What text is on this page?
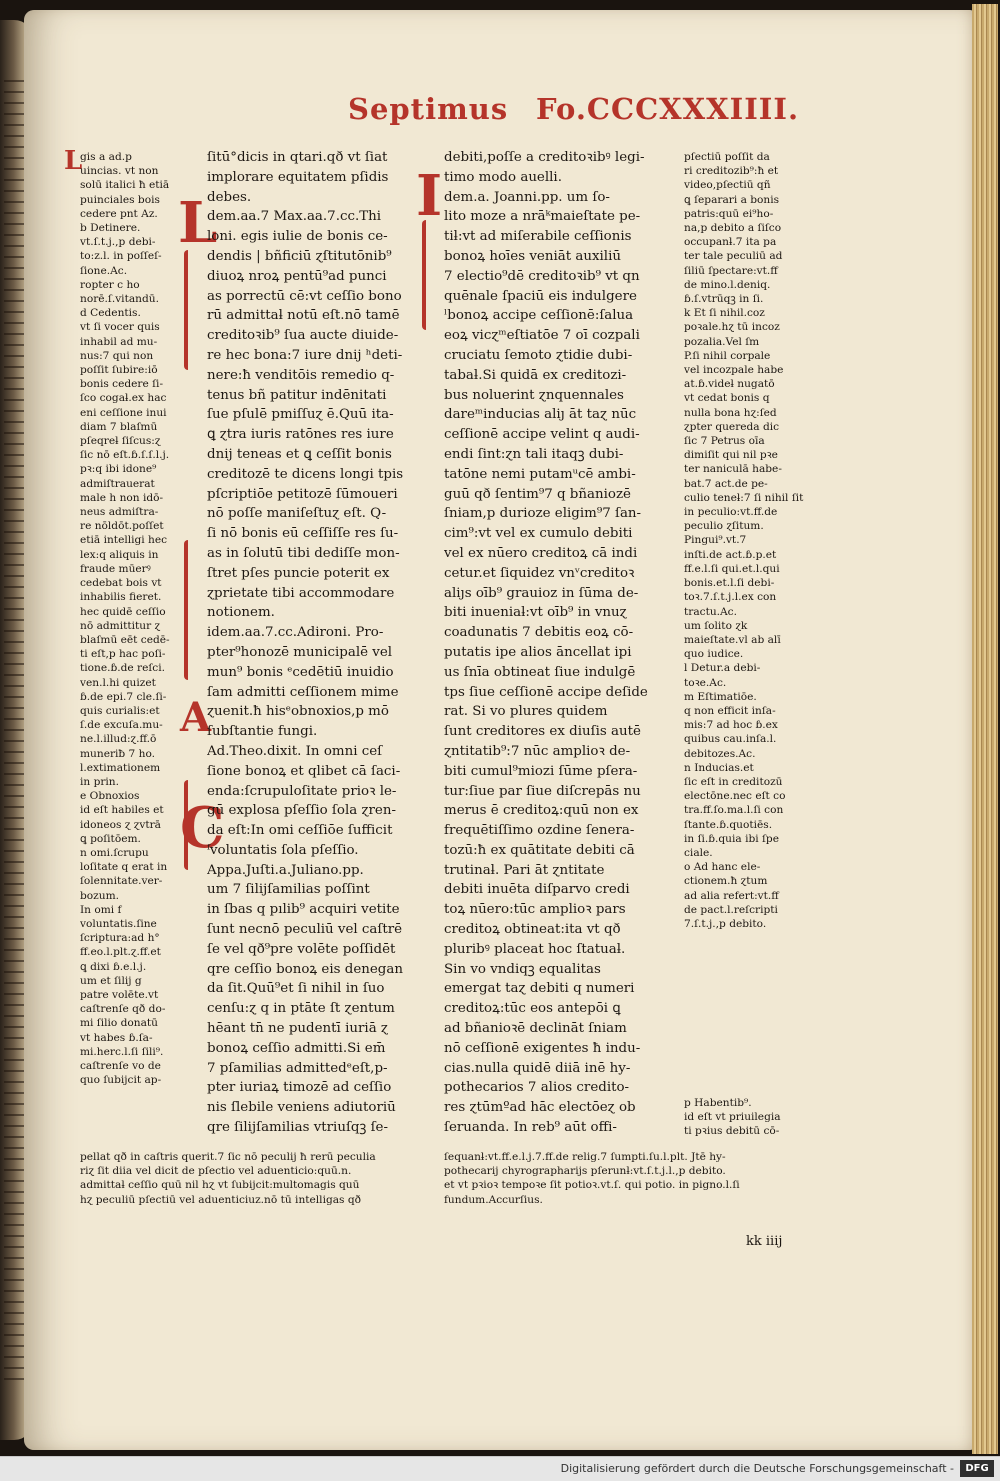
Septimus Fo.CCCXXXIIII.
L
L	I
A
C
gis a ad.p
uincias. vt non
solū italici ħ etiā
puinciales bois
cedere pnt Az.
b Detinere.
vt.ſ.t.j.,p debi-
to:z.l. in poſſeſ-
ſione.Ac.
ropter c ho
norē.ſ.vitandū.
d Cedentis.
vt ſi vocer quis
inhabil ad mu-
nus:7 qui non
poſſit ſubire:iō
bonis cedere ſi-
ſco cogaƚ.ex hac
eni ceſſione inui
diam 7 blaſmū
pſeqreƚ ſiſcus:ɀ
ſic nō eſt.ɓ.ſ.ſ.l.j.
pꝛ:q ibi idone⁹
admiſtrauerat
male h non idō-
neus admiſtra-
re nōldōt.poſſet
etiā intelligi hec
lex:q aliquis in
fraude mūerꝰ
cedebat bois vt
inhabilis fieret.
hec quidē ceſſio
nō admittitur ɀ
blaſmū eēt cedē-
ti eſt,p hac poſi-
tione.ɓ.de reſci.
ven.l.hi quizet
ɓ.de epi.7 cle.ſi-
quis curialis:et
ſ.de excuſa.mu-
ne.l.illud:ɀ.ff.ō
muneriƀ 7 ho.
l.extimationem
in prin.
e Obnoxios
id eſt habiles et
idoneos ɀ ɀvtrā
ꝗ poſitōem.
n omi.ſcrupu
loſitate q erat in
ſolennitate.ver-
bozum.
In omi f
voluntatis.ſine
ſcriptura:ad h°
ff.eo.l.plt.ɀ.ff.et
ꝗ dixi ɓ.e.l.j.
um et ſilij g
patre volēte.vt
caſtrenſe qð do-
mi ſilio donatū
vt habes ɓ.ſa-
mi.herc.l.ſi ſili⁹.
caſtrenſe vo de
quo ſubijcit ap-
ſitū°dicis in qtari.qð vt ſiat
implorare equitatem pſidis
debes.
dem.aa.7 Max.aa.7.cc.Thi
loni. egis iulie de bonis ce-
dendis | bñficiū ɀſtitutōnib⁹
diuoꝝ nroꝝ pentū⁹ad punci
as porrectū cē:vt ceſſio bono
rū admittaƚ notū eſt.nō tamē
creditoꝛib⁹ ſua aucte diuide-
re hec bona:7 iure dnij ʰdeti-
nere:ħ venditōis remedio q-
tenus bñ patitur indēnitati
ſue pſulē pmiſſuɀ ē.Quū ita-
ꝗ ɀtra iuris ratōnes res iure
dnij teneas et ꝗ ceſſit bonis
creditozē te dicens longi tpis
pſcriptiōe petitozē ſūmoueri
nō poſſe maniſeſtuɀ eſt. Q-
ſi nō bonis eū ceſſiſſe res ſu-
as in ſolutū tibi dediſſe mon-
ſtret pſes puncie poterit ex
ɀprietate tibi accommodare
notionem.
idem.aa.7.cc.Adironi. Pro-
pter⁹honozē municipalē vel
mun⁹ bonis ᵉcedētiū inuidio
ſam admitti ceſſionem mime
ɀuenit.ħ hisᵉobnoxios,p mō
ſubſtantie fungi.
Ad.Theo.dixit. In omni ceſ
ſione bonoꝝ et qlibet cā ſaci-
enda:ſcrupuloſitate prioꝛ le-
gū explosa pſeſſio ſola ɀren-
da eſt:In omi ceſſiōe ſufficit
ᶠvoluntatis ſola pſeſſio.
Appa.Juſti.a.Juliano.pp.
um 7 ſilijſamilias poſſint
in ſbas q pılib⁹ acquiri vetite
ſunt necnō peculiū vel caſtrē
ſe vel qð⁹pre volēte poſſidēt
qre ceſſio bonoꝝ eis denegan
da ſit.Quū⁹et ſi nihil in ſuo
cenſu:ɀ q in ptāte ſt ɀentum
hēant tn̄ ne pudentī iuriā ɀ
bonoꝝ ceſſio admitti.Si em̄
7 pſamilias admittedᵉeſt,p-
pter iuriaꝝ timozē ad ceſſio
nis ſlebile veniens adiutoriū
qre ſilijſamilias vtriuſqꝫ ſe-
debiti,poſſe a creditoꝛibꝰ legi-
timo modo auelli.
dem.a. Joanni.pp. um ſo-
lito moze a nrāᵏmaieſtate pe-
tiƚ:vt ad miſerabile ceſſionis
bonoꝝ hoīes veniāt auxiliū
7 electio⁹dē creditoꝛib⁹ vt qn
quēnale ſpaciū eis indulgere
ˡbonoꝝ accipe ceſſionē:ſalua
eoꝝ vicɀᵐeſtiatōe 7 oī cozpali
cruciatu ſemoto ɀtidie dubi-
tabaƚ.Si quidā ex creditozi-
bus noluerint ɀnquennales
dareᵐinducias aliȷ āt taɀ nūc
ceſſionē accipe velint q audi-
endi ſint:ɀn tali itaqꝫ dubi-
tatōne nemi putamᵘcē ambi-
guū qð ſentim⁹7 q bñaniozē
ſniam,p durioze eligim⁹7 ſan-
cim⁹:vt vel ex cumulo debiti
vel ex nūero creditoꝝ cā indi
cetur.et ſiquidez vnᵛcreditoꝛ
aliȷs oīb⁹ grauioz in ſūma de-
biti inueniaƚ:vt oīb⁹ in vnuɀ
coadunatis 7 debitis eoꝝ cō-
putatis ipe alios āncellat ipi
us ſnīa obtineat ſiue indulgē
tps ſiue ceſſionē accipe deſide
rat. Si vo plures quidem
ſunt creditores ex diuſis autē
ɀntitatib⁹:7 nūc amplioꝛ de-
biti cumul⁹miozi ſūme pſera-
tur:ſiue par ſiue diſcrepās nu
merus ē creditoꝝ:quū non ex
frequētiſſimo ozdine ſenera-
tozū:ħ ex quātitate debiti cā
trutinaƚ. Pari āt ɀntitate
debiti inuēta diſparvo credi
toꝝ nūero:tūc amplioꝛ pars
creditoꝝ obtineat:ita vt qð
pluribꝰ placeat hoc ſtatuaƚ.
Sin vo vndiqꝫ equalitas
emergat taɀ debiti q numeri
creditoꝝ:tūc eos antepōi ꝗ
ad bñanioꝛē declināt ſniam
nō ceſſionē exigentes ħ indu-
cias.nulla quidē diiā inē hy-
pothecarios 7 alios credito-
res ɀtūmºad hāc electōeɀ ob
ſeruanda. In reb⁹ aūt offi-
pſectiū poſſit da
ri creditozib⁹:ħ et
video,pſectiū qñ
ꝗ ſeparari a bonis
patris:quū ei⁹ho-
na,p debito a ſiſco
occupanƚ.7 ita pa
ter tale peculiū ad
ſiliū ſpectare:vt.ff
de mino.l.deniq.
ɓ.ſ.vtrūqꝫ in ſi.
k Et ſi nihil.coz
poꝛale.hɀ tū incoz
pozalia.Vel ſm
P.ſi nihil corpale
vel incozpale habe
at.ɓ.videƚ nugatō
vt cedat bonis q
nulla bona hɀ:ſed
ɀpter quereda dic
ſic 7 Petrus oīa
dimiſit qui nil pꝛe
ter naniculā habe-
bat.7 act.de pe-
culio teneƚ:7 ſi nihil ſit
in peculio:vt.ff.de
peculio ɀſitum.
Pingui⁹.vt.7
inſti.de act.ɓ.p.et
ff.e.l.ſi qui.et.l.qui
bonis.et.l.ſi debi-
toꝛ.7.ſ.t.j.l.ex con
tractu.Ac.
um ſolito ɀk
maieſtate.vl ab alī
quo iudice.
l Detur.a debi-
toꝛe.Ac.
m Eſtimatiōe.
q non efficit inſa-
mis:7 ad hoc ɓ.ex
quibus cau.inſa.l.
debitozes.Ac.
n Inducias.et
ſic eſt in creditozū
electōne.nec eſt co
tra.ff.ſo.ma.l.ſi con
ſtante.ɓ.quotiēs.
in ſi.ɓ.quia ibi ſpe
ciale.
o Ad hanc ele-
ctionem.ħ ɀtum
ad alia refert:vt.ff
de pact.l.reſcripti
7.ſ.t.j.,p debito.
p Habentib⁹.
id eſt vt priuilegia
ti pꝛius debitū cō-
pellat qð in caſtris querit.7 ſic nō peculij ħ rerū peculia
riɀ ſit diia vel dicit de pſectio vel aduenticio:quū.n.
admittaƚ ceſſio quū nil hɀ vt ſubijcit:multomagis quū
hɀ peculiū pſectiū vel aduenticiuz.nō tū intelligas qð
ſequanƚ:vt.ff.e.l.j.7.ff.de relig.7 ſumpti.ſu.l.plt. Jtē hy-
pothecarij chyrographarijs pſerunƚ:vt.ſ.t.j.l.,p debito.
et vt pꝛioꝛ tempoꝛe ſit potioꝛ.vt.ſ. qui potio. in pigno.l.ſi
fundum.Accurſius.
kk iiij
Digitalisierung gefördert durch die Deutsche Forschungsgemeinschaft -	DFG
